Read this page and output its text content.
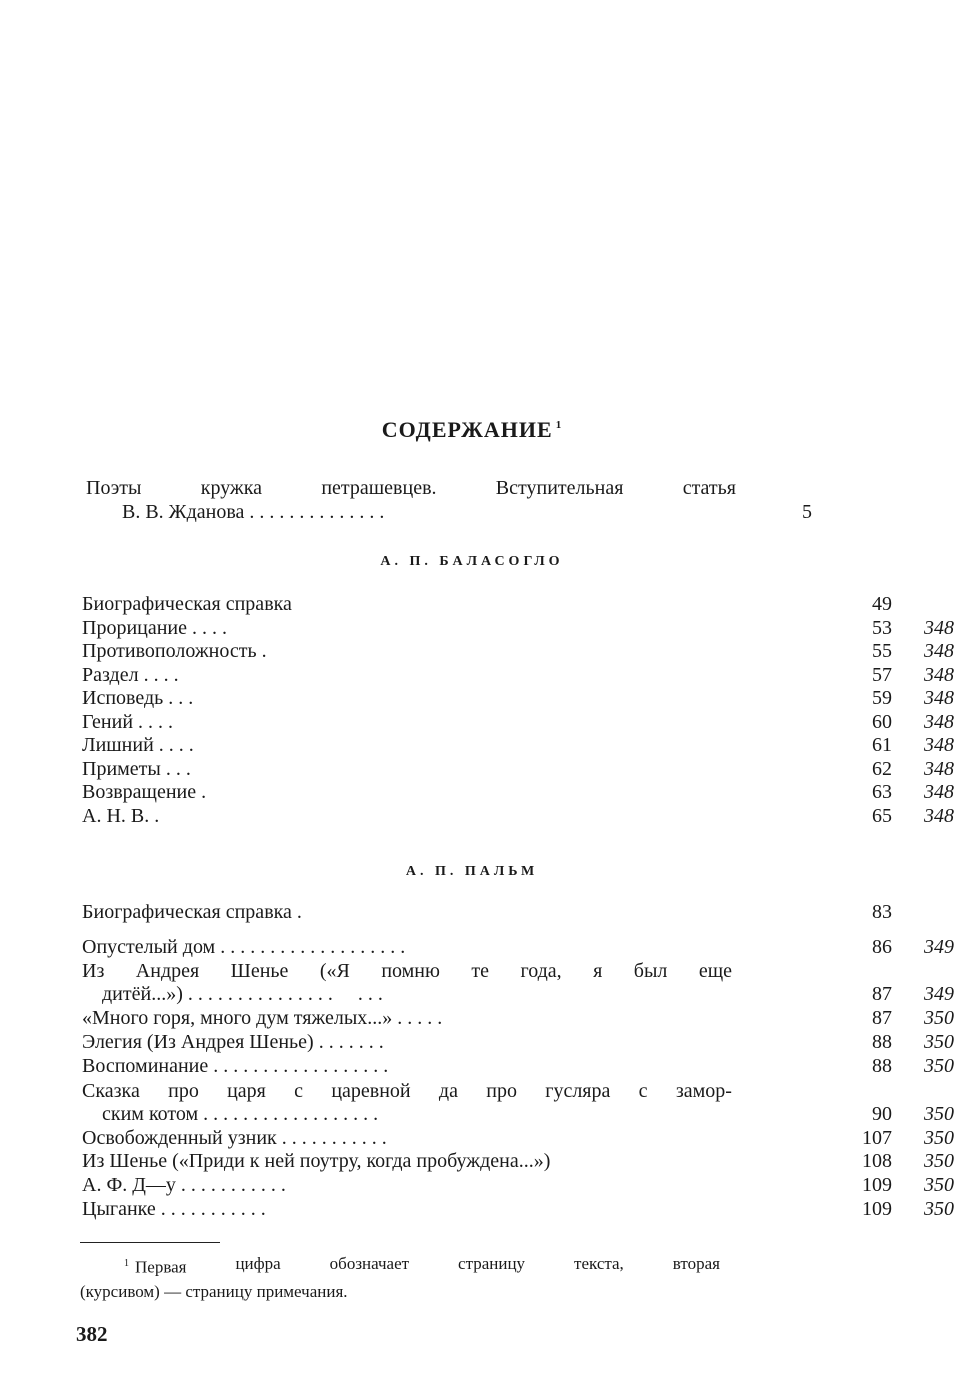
СОДЕРЖАНИЕ $^1$
Поэты	кружка	петрашевцев.	Вступительная	статья
В. В. Жданова . . . . . . . . . . . . . .	5
А. П. БАЛАСОГЛО
Биографическая справка	49
Прорицание . . . .	53	348
Противоположность .	55	348
Раздел . . . .	57	348
Исповедь . . .	59	348
Гений . . . .	60	348
Лишний . . . .	61	348
Приметы . . .	62	348
Возвращение .	63	348
А. Н. В. .	65	348
А. П. ПАЛЬМ
Биографическая справка .	83
Опустелый дом . . . . . . . . . . . . . . . . . . .	86	349
Из Андрея Шенье («Я помню те года, я был еще
дитёй...») . . . . . . . . . . . . . . .     . . .	87	349
«Много горя, много дум тяжелых...» . . . . .	87	350
Элегия (Из Андрея Шенье) . . . . . . .	88	350
Воспоминание . . . . . . . . . . . . . . . . . .	88	350
Сказка про царя с царевной да про гусляра с замор-
ским котом . . . . . . . . . . . . . . . . . .	90	350
Освобожденный узник . . . . . . . . . . .	107	350
Из Шенье («Приди к ней поутру, когда пробуждена...»)	108	350
А. Ф. Д—у . . . . . . . . . . .	109	350
Цыганке . . . . . . . . . . .	109	350
$^1$ Первая	цифра	обозначает	страницу	текста,	вторая
(курсивом) — страницу примечания.
382
